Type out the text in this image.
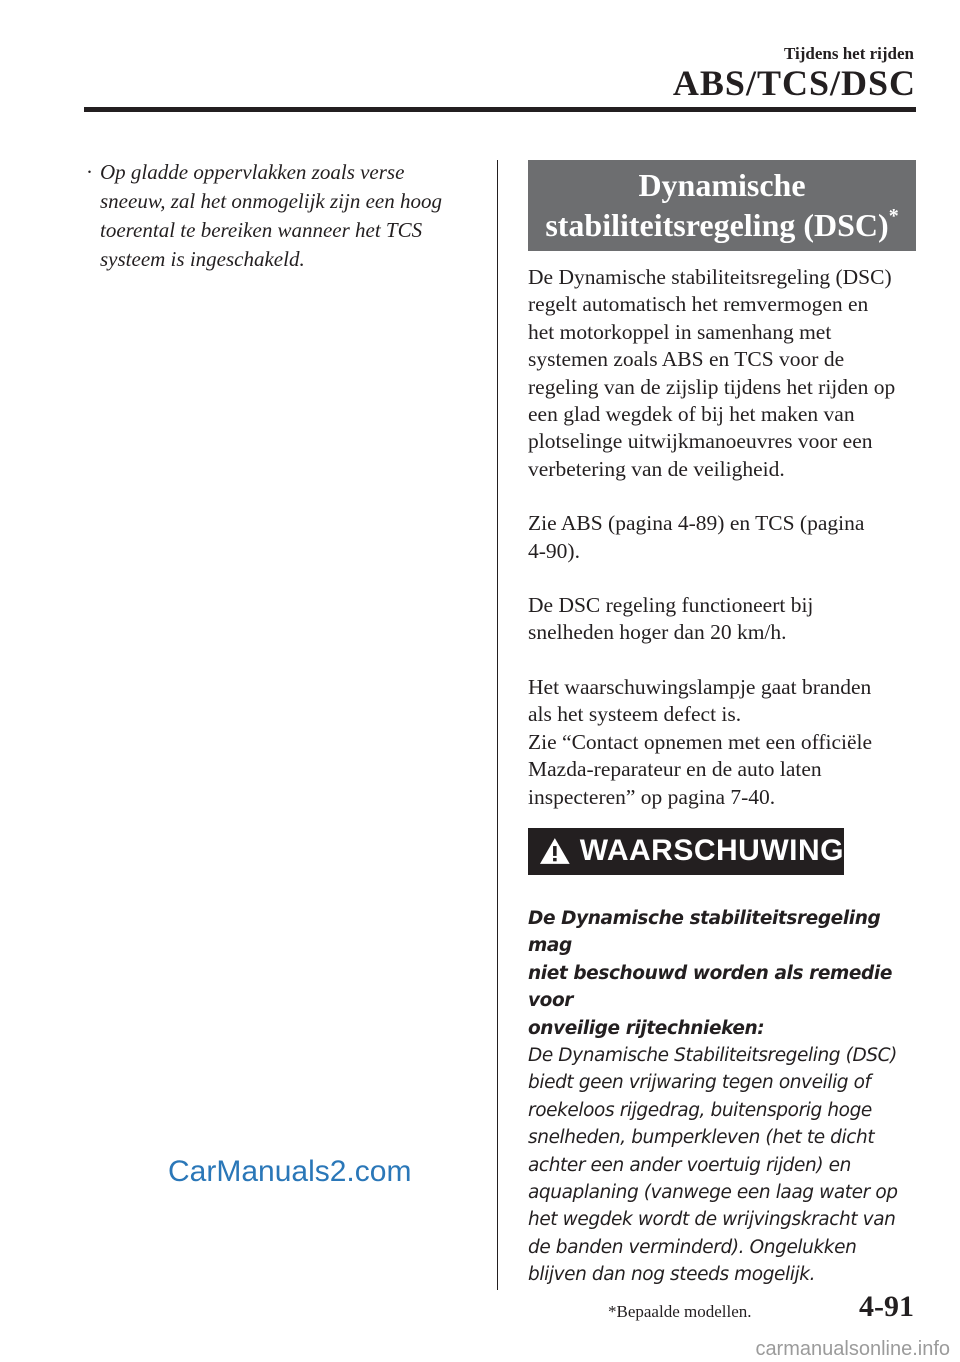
Tijdens het rijden
ABS/TCS/DSC
· Op gladde oppervlakken zoals verse
sneeuw, zal het onmogelijk zijn een hoog
toerental te bereiken wanneer het TCS
systeem is ingeschakeld.
Dynamische
stabiliteitsregeling (DSC)*
De Dynamische stabiliteitsregeling (DSC)
regelt automatisch het remvermogen en
het motorkoppel in samenhang met
systemen zoals ABS en TCS voor de
regeling van de zijslip tijdens het rijden op
een glad wegdek of bij het maken van
plotselinge uitwijkmanoeuvres voor een
verbetering van de veiligheid.
Zie ABS (pagina 4-89) en TCS (pagina
4-90).
De DSC regeling functioneert bij
snelheden hoger dan 20 km/h.
Het waarschuwingslampje gaat branden
als het systeem defect is.
Zie “Contact opnemen met een officiële
Mazda-reparateur en de auto laten
inspecteren” op pagina 7-40.
WAARSCHUWING
De Dynamische stabiliteitsregeling mag
niet beschouwd worden als remedie voor
onveilige rijtechnieken:
De Dynamische Stabiliteitsregeling (DSC)
biedt geen vrijwaring tegen onveilig of
roekeloos rijgedrag, buitensporig hoge
snelheden, bumperkleven (het te dicht
achter een ander voertuig rijden) en
aquaplaning (vanwege een laag water op
het wegdek wordt de wrijvingskracht van
de banden verminderd). Ongelukken
blijven dan nog steeds mogelijk.
CarManuals2.com
*Bepaalde modellen.	4-91
carmanualsonline.info
